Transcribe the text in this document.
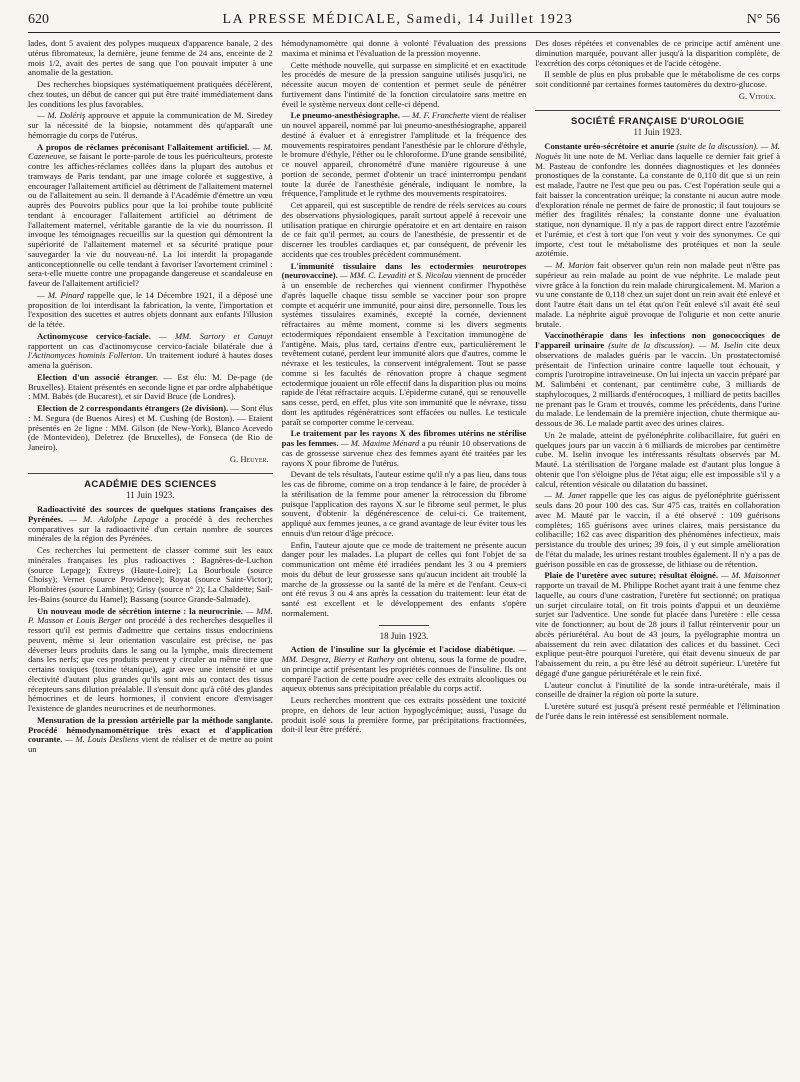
620	LA PRESSE MÉDICALE, Samedi, 14 Juillet 1923	N° 56

lades, dont 5 avaient des polypes muqueux d'apparence banale, 2 des utérus fibromateux, la dernière, jeune femme de 24 ans, enceinte de 2 mois 1/2, avait des pertes de sang que l'on pouvait imputer à une anomalie de la gestation.

Des recherches biopsiques systématiquement pratiquées décèlèrent, chez toutes, un début de cancer qui put être traité immédiatement dans les conditions les plus favorables.

— M. Dolériş approuve et appuie la communication de M. Siredey sur la nécessité de la biopsie, notamment dès qu'apparaît une hémorragie du corps de l'utérus.

A propos de réclames préconisant l'allaitement artificiel. — M. Cazeneuve, se faisant le porte-parole de tous les puériculteurs, proteste contre les affiches-réclames collées dans la plupart des autobus et tramways de Paris tendant, par une image colorée et suggestive, à encourager l'allaitement artificiel au détriment de l'allaitement maternel ou de l'allaitement au sein. Il demande à l'Académie d'émettre un vœu auprès des Pouvoirs publics pour que la loi prohibe toute publicité tendant à encourager l'allaitement artificiel au détriment de l'allaitement maternel, véritable garantie de la vie du nourrisson. Il invoque les témoignages recueillis sur la question qui démontrent la supériorité de l'allaitement maternel et sa sécurité pratique pour sauvegarder la vie du nouveau-né. La loi interdit la propagande anticonceptionnelle ou celle tendant à favoriser l'avortement criminel : sera-t-elle muette contre une propagande dangereuse et scandaleuse en faveur de l'allaitement artificiel?

— M. Pinard rappelle que, le 14 Décembre 1921, il a déposé une proposition de loi interdisant la fabrication, la vente, l'importation et l'exposition des sucettes et autres objets donnant aux enfants l'illusion de la tétée.

Actinomycose cervico-faciale. — MM. Sartory et Canuyt rapportent un cas d'actinomycose cervico-faciale bilatérale due à l'Actinomyces hominis Follerton. Un traitement ioduré à hautes doses amena la guérison.

Election d'un associé étranger. — Est élu: M. De-page (de Bruxelles). Etaient présentés en seconde ligne et par ordre alphabétique : MM. Babès (de Bucarest), et sir David Bruce (de Londres).

Election de 2 correspondants étrangers (2e division). — Sont élus : M. Segura (de Buenos Aires) et M. Cushing (de Boston). — Etaient présentés en 2e ligne : MM. Gilson (de New-York), Blanco Acevedo (de Montevideo), Deletrez (de Bruxelles), de Fonseca (de Rio de Janeiro).

G. Heuyer.
ACADÉMIE DES SCIENCES
11 Juin 1923.

Radioactivité des sources de quelques stations françaises des Pyrénées. — M. Adolphe Lepage a procédé à des recherches comparatives sur la radioactivité d'un certain nombre de sources minérales de la région des Pyrénées.

Ces recherches lui permettent de classer comme suit les eaux minérales françaises les plus radioactives : Bagnères-de-Luchon (source Lepage); Extreys (Haute-Loire); La Bourboule (source Choisy); Vernet (source Providence); Royat (source Saint-Victor); Plombières (source Lambinet); Grisy (source n° 2); La Chaldette; Sail-les-Bains (source du Hamel); Bassang (source Grande-Salmade).

Un nouveau mode de sécrétion interne : la neurocrinie. — MM. P. Masson et Louis Berger ont procédé à des recherches desquelles il ressort qu'il est permis d'admettre que certains tissus endocriniens peuvent, même si leur orientation vasculaire est précise, ne pas déverser leurs produits dans le sang ou la lymphe, mais directement dans les nerfs; que ces produits peuvent y circuler au même titre que certains toxiques (toxine tétanique), agir avec une intensité et une électivité d'autant plus grandes qu'ils sont mis au contact des tissus récepteurs sans dilution préalable. Il s'ensuit donc qu'à côté des glandes hémocrines et de leurs hormones, il convient encore d'envisager l'existence de glandes neurocrines et de neurhormones.

Mensuration de la pression artérielle par la méthode sanglante. Procédé hémodynamométrique très exact et d'application courante. — M. Louis Desliens vient de réaliser et de mettre au point un

hémodynamomètre qui donne à volonté l'évaluation des pressions maxima et minima et l'évaluation de la pression moyenne.

Cette méthode nouvelle, qui surpasse en simplicité et en exactitude les procédés de mesure de la pression sanguine utilisés jusqu'ici, ne nécessite aucun moyen de contention et permet seule de pénétrer furtivement dans l'intimité de la fonction circulatoire sans mettre en éveil le système nerveux dont celle-ci dépend.

Le pneumo-anesthésiographe. — M. F. Franchette vient de réaliser un nouvel appareil, nommé par lui pneumo-anesthésiographe, appareil destiné à évaluer et à enregistrer l'amplitude et la fréquence des mouvements respiratoires pendant l'anesthésie par le chlorure d'éthyle, le bromure d'éthyle, l'éther ou le chloroforme. D'une grande sensibilité, ce nouvel appareil, chronométré d'une manière rigoureuse à une portion de seconde, permet d'obtenir un tracé ininterrompu pendant toute la durée de l'anesthésie générale, indiquant le nombre, la fréquence, l'amplitude et le rythme des mouvements respiratoires.

Cet appareil, qui est susceptible de rendre de réels services au cours des observations physiologiques, paraît surtout appelé à recevoir une utilisation pratique en chirurgie opératoire et en art dentaire en raison de ce fait qu'il permet, au cours de l'anesthésie, de pressentir et de discerner les troubles cardiaques et, par conséquent, de prévenir les accidents que ces troubles précèdent communément.

L'immunité tissulaire dans les ectodermies neurotropes (neurovaccine). — MM. C. Levaditi et S. Nicolau viennent de procéder à un ensemble de recherches qui viennent confirmer l'hypothèse d'après laquelle chaque tissu semble se vacciner pour son propre compte et acquérir une immunité, pour ainsi dire, personnelle. Tous les systèmes tissulaires examinés, excepté la cornée, deviennent réfractaires au même moment, comme si les divers segments ectodermiques répondaient ensemble à l'excitation immunogène de l'antigène. Mais, plus tard, certains d'entre eux, particulièrement le revêtement cutané, perdent leur immunité alors que d'autres, comme le névraxe et les testicules, la conservent intégralement. Tout se passe comme si les facultés de rénovation propre à chaque segment ectodermique jouaient un rôle effectif dans la disparition plus ou moins rapide de l'état réfractaire acquis. L'épiderme cutané, qui se renouvelle sans cesse, perd, en effet, plus vite son immunité que le névraxe, tissu dont les aptitudes régénératrices sont effacées ou nulles. Le testicule paraît se comporter comme le cerveau.

Le traitement par les rayons X des fibromes utérins ne stérilise pas les femmes. — M. Maxime Ménard a pu réunir 10 observations de cas de grossesse survenue chez des femmes ayant été traitées par les rayons X pour fibrome de l'utérus.

Devant de tels résultats, l'auteur estime qu'il n'y a pas lieu, dans tous les cas de fibrome, comme on a trop tendance à le faire, de procéder à la stérilisation de la femme pour amener la rétrocession du fibrome puisque l'application des rayons X sur le fibrome seul permet, le plus souvent, d'obtenir la dégénérescence de celui-ci. Ce traitement, appliqué aux femmes jeunes, a ce grand avantage de leur éviter tous les ennuis d'un retour d'âge précoce.

Enfin, l'auteur ajoute que ce mode de traitement ne présente aucun danger pour les malades. La plupart de celles qui font l'objet de sa communication ont même été irradiées pendant les 3 ou 4 premiers mois du début de leur grossesse sans qu'aucun incident ait troublé la marche de la grossesse ou la santé de la mère et de l'enfant. Ceux-ci ont été revus 3 ou 4 ans après la cessation du traitement: leur état de santé est excellent et le développement des enfants s'opère normalement.

18 Juin 1923.

Action de l'insuline sur la glycémie et l'acidose diabétique. — MM. Desgrez, Bierry et Rathery ont obtenu, sous la forme de poudre, un principe actif présentant les propriétés connues de l'insuline. Ils ont comparé l'action de cette poudre avec celle des extraits alcooliques ou aqueux obtenus sans précipitation préalable du corps actif.

Leurs recherches montrent que ces extraits possèdent une toxicité propre, en dehors de leur action hypoglycémique; aussi, l'usage du produit isolé sous la première forme, par précipitations fractionnées, doit-il leur être préféré.

Des doses répétées et convenables de ce principe actif amènent une diminution marquée, pouvant aller jusqu'à la disparition complète, de l'excrétion des corps cétoniques et de l'acide cétogène.

Il semble de plus en plus probable que le métabolisme de ces corps soit conditionné par certaines formes tautomères du dextro-glucose.

G. Vitoux.
SOCIÉTÉ FRANÇAISE D'UROLOGIE
11 Juin 1923.

Constante uréo-sécrétoire et anurie (suite de la discussion). — M. Noguès lit une note de M. Verliac dans laquelle ce dernier fait grief à M. Pasteau de confondre les données diagnostiques et les données pronostiques de la constante. La constante de 0,110 dit que si un rein est malade, l'autre ne l'est que peu ou pas. C'est l'opération seule qui a fait baisser la concentration uréique; la constante ni aucun autre mode d'exploration rénale ne permet de faire de pronostic; il faut toujours se méfier des fragilités rénales; la constante donne une évaluation statique, non dynamique. Il n'y a pas de rapport direct entre l'azotémie et l'urémie, et c'est à tort que l'on veut y voir des synonymes. Ce qui importe, c'est tout le métabolisme des protéiques et non la seule azotémie.

— M. Marion fait observer qu'un rein non malade peut n'être pas supérieur au rein malade au point de vue néphrite. Le malade peut vivre grâce à la fonction du rein malade chirurgicalement. M. Marion a vu une constante de 0,118 chez un sujet dont un rein avait été enlevé et dont l'autre était dans un tel état qu'on l'eût enlevé s'il avait été seul malade. La néphrite aiguë provoque de l'oligurie et non cette anurie brutale.

Vaccinothérapie dans les infections non gonococciques de l'appareil urinaire (suite de la discussion). — M. Iselin cite deux observations de malades guéris par le vaccin. Un prostatectomisé présentait de l'infection urinaire contre laquelle tout échouait, y compris l'urotropine intraveineuse. On lui injecta un vaccin préparé par M. Salimbéni et contenant, par centimètre cube, 3 milliards de staphylocoques, 2 milliards d'entérocoques, 1 milliard de petits bacilles ne prenant pas le Gram et trouvés, comme les précédents, dans l'urine du malade. Le lendemain de la première injection, chute thermique au-dessous de 36. Le malade partit avec des urines claires.

Un 2e malade, atteint de pyélonéphrite colibacillaire, fut guéri en quelques jours par un vaccin à 6 milliards de microbes par centimètre cube. M. Iselin invoque les intéressants résultats observés par M. Mauté. La stérilisation de l'organe malade est d'autant plus longue à obtenir que l'on s'éloigne plus de l'état aigu; elle est impossible s'il y a calcul, rétention vésicale ou dilatation du bassinet.

— M. Janet rappelle que les cas aigus de pyélonéphrite guérissent seuls dans 20 pour 100 des cas. Sur 475 cas, traités en collaboration avec M. Mauté par le vaccin, il a été observé : 109 guérisons complètes; 165 guérisons avec urines claires, mais persistance du colibacille; 162 cas avec disparition des phénomènes infectieux, mais persistance du trouble des urines; 39 fois, il y eut simple amélioration de l'état du malade, les urines restant troubles également. Il n'y a pas de guérison possible en cas de grossesse, de lithiase ou de rétention.

Plaie de l'uretère avec suture; résultat éloigné. — M. Maisonnet rapporte un travail de M. Philippe Rochet ayant trait à une femme chez laquelle, au cours d'une castration, l'uretère fut sectionné; on pratiqua un surjet circulaire total, on fit trois points d'appui et un deuxième surjet sur l'adventice. Une sonde fut placée dans l'uretère : elle cessa vite de fonctionner; au bout de 28 jours il fallut réintervenir pour un abcès périurétéral. Au bout de 43 jours, la pyélographie montra un abaissement du rein avec dilatation des calices et du bassinet. Ceci explique peut-être pourquoi l'uretère, qui était devenu sinueux de par l'abaissement du rein, a pu être lésé au détroit supérieur. L'uretère fut dégagé d'une gangue périurétérale et le rein fixé.

L'auteur conclut à l'inutilité de la sonde intra-urétérale, mais il conseille de drainer la région où porte la suture.

L'uretère suturé est jusqu'à présent resté perméable et l'élimination de l'urée dans le rein intéressé est sensiblement normale.
